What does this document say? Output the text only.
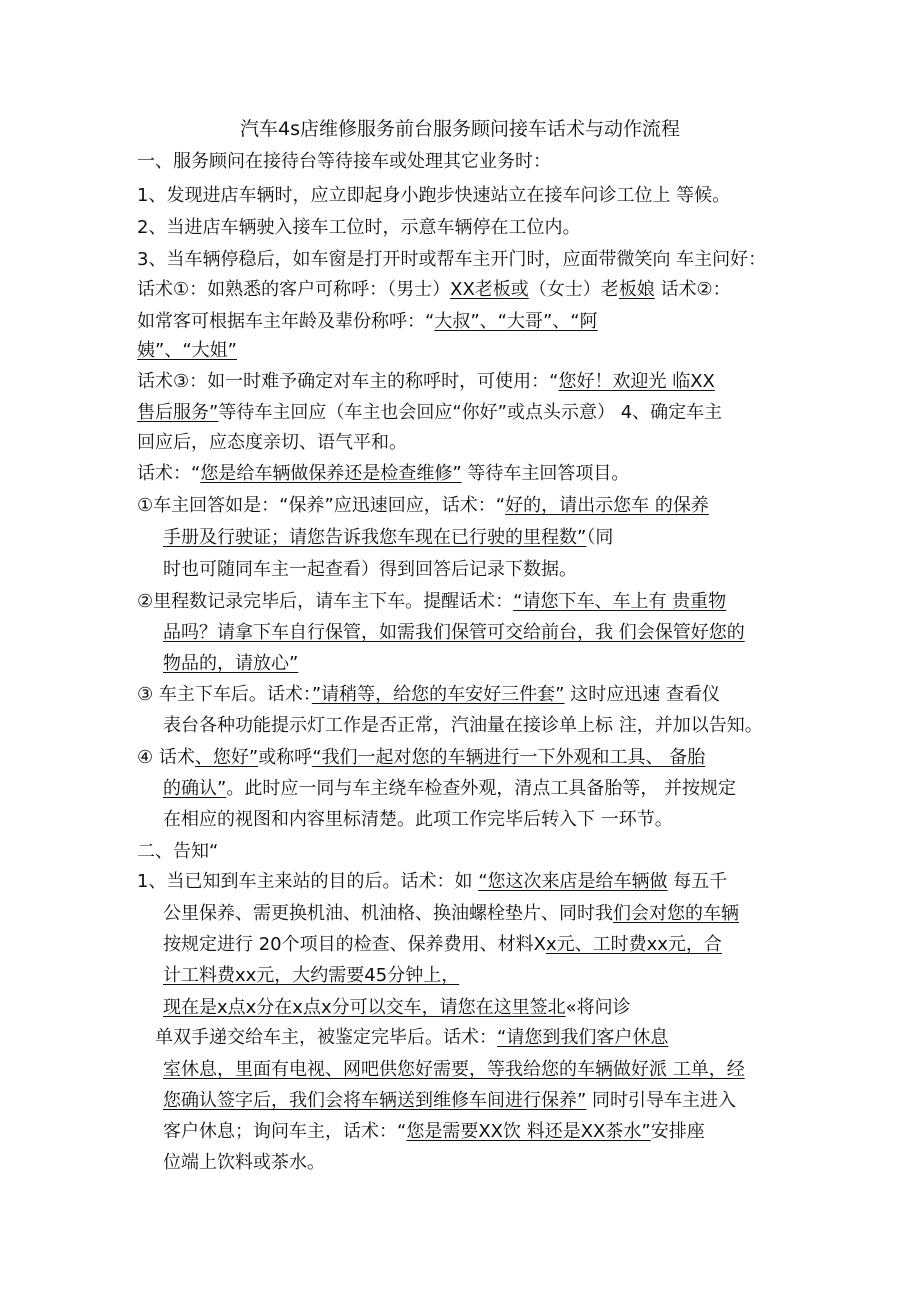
汽车4s店维修服务前台服务顾问接车话术与动作流程
一、服务顾问在接待台等待接车或处理其它业务时：
1、发现进店车辆时，应立即起身小跑步快速站立在接车问诊工位上 等候。
2、当进店车辆驶入接车工位时，示意车辆停在工位内。
3、当车辆停稳后，如车窗是打开时或帮车主开门时，应面带微笑向 车主问好：
话术①：如熟悉的客户可称呼：（男士）XX老板或（女士）老板娘 话术②：
如常客可根据车主年龄及辈份称呼：“大叔”、“大哥”、“阿
姨”、“大姐”
话术③：如一时难予确定对车主的称呼时，可使用：“您好！欢迎光 临XX
售后服务”等待车主回应（车主也会回应“你好”或点头示意） 4、确定车主
回应后，应态度亲切、语气平和。
话术：“您是给车辆做保养还是检查维修” 等待车主回答项目。
①车主回答如是：“保养”应迅速回应，话术：“好的，请出示您车 的保养
手册及行驶证；请您告诉我您车现在已行驶的里程数”（同
时也可随同车主一起查看）得到回答后记录下数据。
②里程数记录完毕后，请车主下车。提醒话术：“请您下车、车上有 贵重物
品吗？请拿下车自行保管，如需我们保管可交给前台，我 们会保管好您的
物品的，请放心”
③ 车主下车后。话术：”请稍等，给您的车安好三件套” 这时应迅速 查看仪
表台各种功能提示灯工作是否正常，汽油量在接诊单上标 注，并加以告知。
④ 话术、您好”或称呼“我们一起对您的车辆进行一下外观和工具、 备胎
的确认”。此时应一同与车主绕车检查外观，清点工具备胎等， 并按规定
在相应的视图和内容里标清楚。此项工作完毕后转入下 一环节。
二、告知“
1、当已知到车主来站的目的后。话术：如 “您这次来店是给车辆做 每五千
公里保养、需更换机油、机油格、换油螺栓垫片、同时我们会对您的车辆
按规定进行 20个项目的检查、保养费用、材料Xx元、工时费xx元，合
计工料费xx元，大约需要45分钟上，
现在是x点x分在x点x分可以交车，请您在这里签北«将问诊
单双手递交给车主，被鉴定完毕后。话术：“请您到我们客户休息
室休息，里面有电视、网吧供您好需要，等我给您的车辆做好派 工单，经
您确认签字后，我们会将车辆送到维修车间进行保养” 同时引导车主进入
客户休息；询问车主，话术：“您是需要XX饮 料还是XX茶水”安排座
位端上饮料或茶水。
